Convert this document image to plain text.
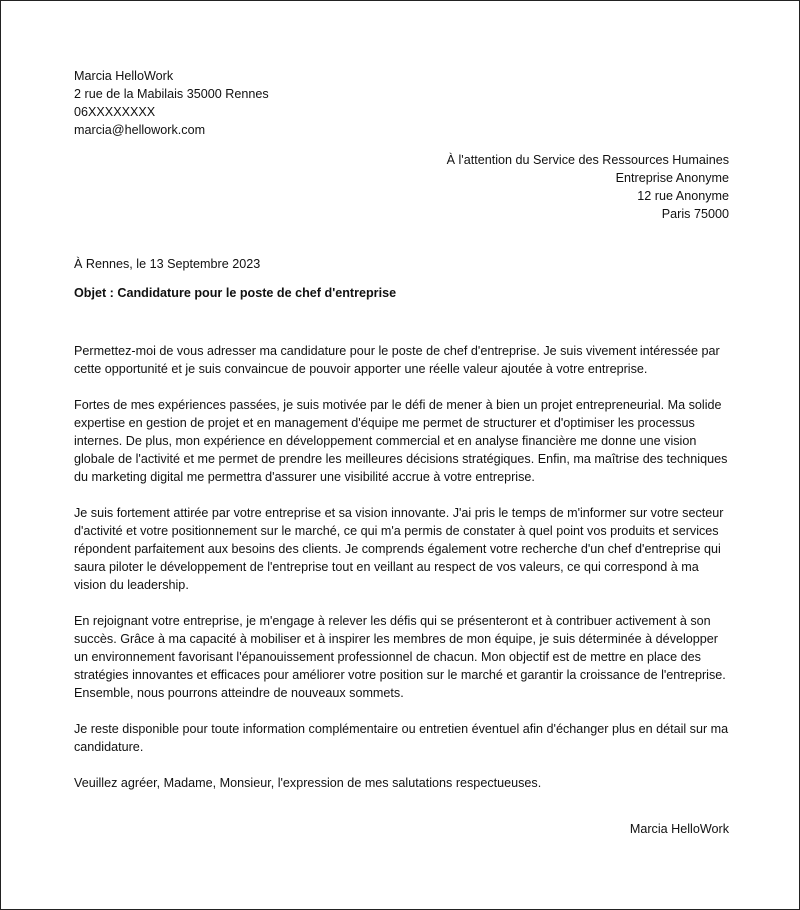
Marcia HelloWork
2 rue de la Mabilais 35000 Rennes
06XXXXXXXX
marcia@hellowork.com
À l'attention du Service des Ressources Humaines
Entreprise Anonyme
12 rue Anonyme
Paris 75000
À Rennes, le 13 Septembre 2023
Objet : Candidature pour le poste de chef d'entreprise

Permettez-moi de vous adresser ma candidature pour le poste de chef d'entreprise. Je suis vivement intéressée par cette opportunité et je suis convaincue de pouvoir apporter une réelle valeur ajoutée à votre entreprise.

Fortes de mes expériences passées, je suis motivée par le défi de mener à bien un projet entrepreneurial. Ma solide expertise en gestion de projet et en management d'équipe me permet de structurer et d'optimiser les processus internes. De plus, mon expérience en développement commercial et en analyse financière me donne une vision globale de l'activité et me permet de prendre les meilleures décisions stratégiques. Enfin, ma maîtrise des techniques du marketing digital me permettra d'assurer une visibilité accrue à votre entreprise.

Je suis fortement attirée par votre entreprise et sa vision innovante. J'ai pris le temps de m'informer sur votre secteur d'activité et votre positionnement sur le marché, ce qui m'a permis de constater à quel point vos produits et services répondent parfaitement aux besoins des clients. Je comprends également votre recherche d'un chef d'entreprise qui saura piloter le développement de l'entreprise tout en veillant au respect de vos valeurs, ce qui correspond à ma vision du leadership.

En rejoignant votre entreprise, je m'engage à relever les défis qui se présenteront et à contribuer activement à son succès. Grâce à ma capacité à mobiliser et à inspirer les membres de mon équipe, je suis déterminée à développer un environnement favorisant l'épanouissement professionnel de chacun. Mon objectif est de mettre en place des stratégies innovantes et efficaces pour améliorer votre position sur le marché et garantir la croissance de l'entreprise. Ensemble, nous pourrons atteindre de nouveaux sommets.

Je reste disponible pour toute information complémentaire ou entretien éventuel afin d'échanger plus en détail sur ma candidature.

Veuillez agréer, Madame, Monsieur, l'expression de mes salutations respectueuses.

Marcia HelloWork
